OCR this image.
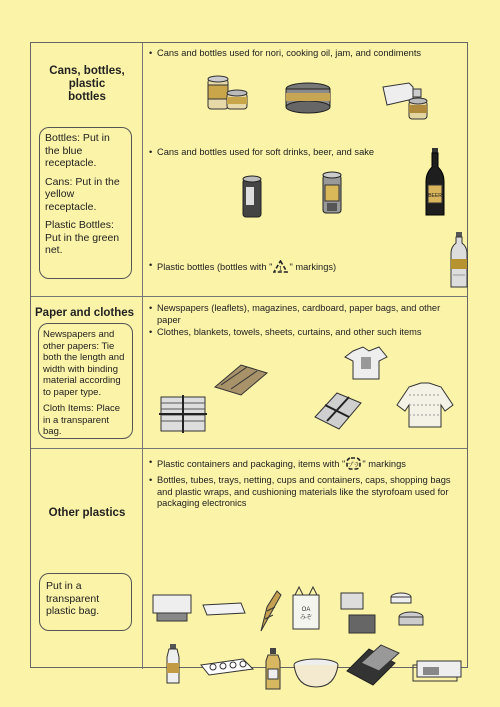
Cans, bottles, plastic bottles
Bottles: Put in the blue receptacle.
Cans: Put in the yellow receptacle.
Plastic Bottles: Put in the green net.
• Cans and bottles used for nori, cooking oil, jam, and condiments
• Cans and bottles used for soft drinks, beer, and sake
• Plastic bottles (bottles with " 1 " markings)
BEER
Paper and clothes
Newspapers and other papers: Tie both the length and width with binding material according to paper type.
Cloth Items: Place in a transparent bag.
• Newspapers (leaflets), magazines, cardboard, paper bags, and other paper
• Clothes, blankets, towels, sheets, curtains, and other such items
Other plastics
Put in a transparent plastic bag.
• Plastic containers and packaging, items with " プラ " markings
• Bottles, tubes, trays, netting, cups and containers, caps, shopping bags and plastic wraps, and cushioning materials like the styrofoam used for packaging electronics
OA
みぞ
